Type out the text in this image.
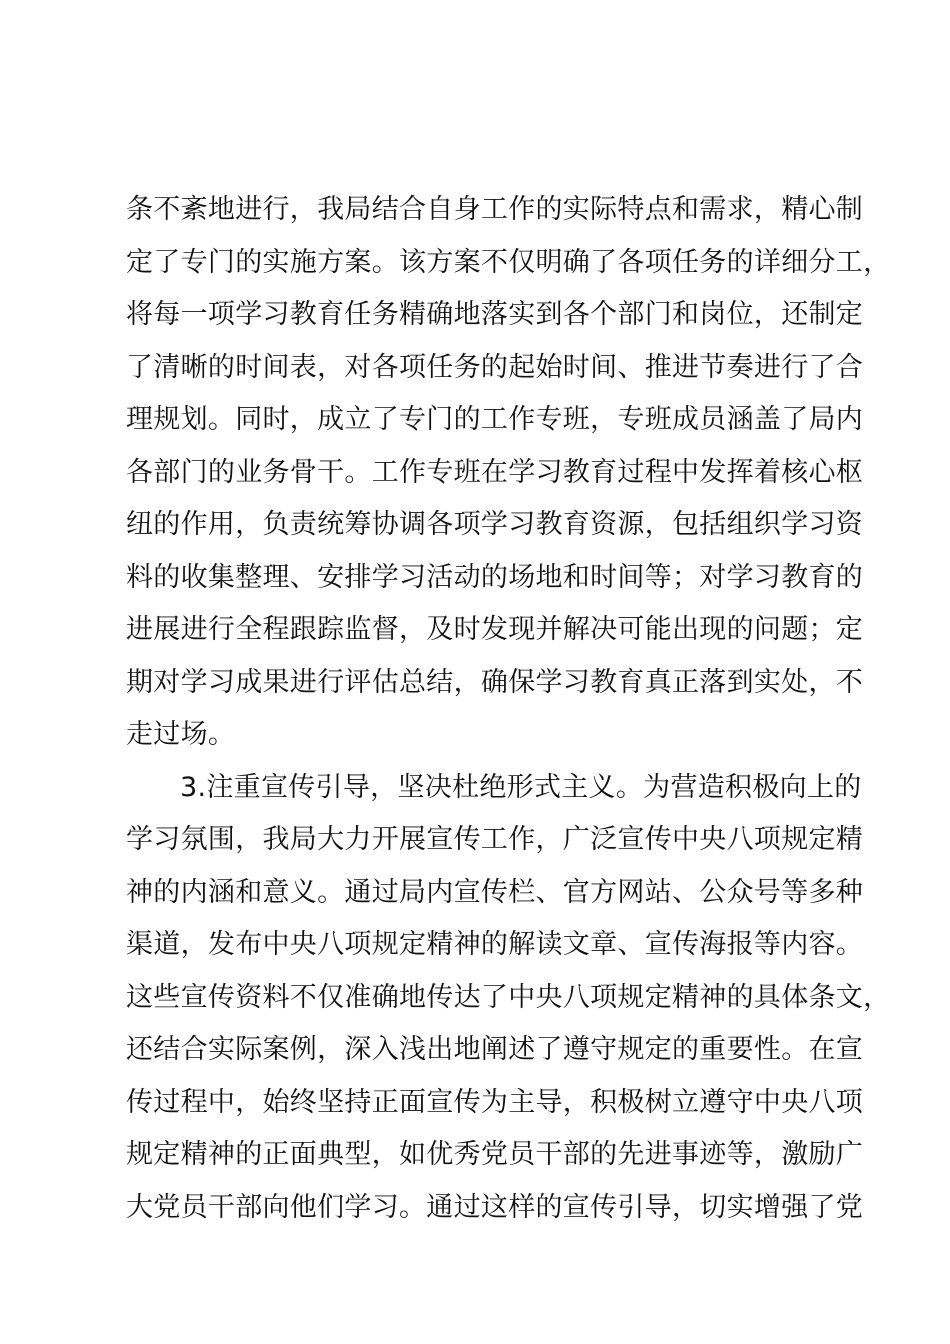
条不紊地进行，我局结合自身工作的实际特点和需求，精心制
定了专门的实施方案。该方案不仅明确了各项任务的详细分工，
将每一项学习教育任务精确地落实到各个部门和岗位，还制定
了清晰的时间表，对各项任务的起始时间、推进节奏进行了合
理规划。同时，成立了专门的工作专班，专班成员涵盖了局内
各部门的业务骨干。工作专班在学习教育过程中发挥着核心枢
纽的作用，负责统筹协调各项学习教育资源，包括组织学习资
料的收集整理、安排学习活动的场地和时间等；对学习教育的
进展进行全程跟踪监督，及时发现并解决可能出现的问题；定
期对学习成果进行评估总结，确保学习教育真正落到实处，不
走过场。
3.注重宣传引导，坚决杜绝形式主义。为营造积极向上的
学习氛围，我局大力开展宣传工作，广泛宣传中央八项规定精
神的内涵和意义。通过局内宣传栏、官方网站、公众号等多种
渠道，发布中央八项规定精神的解读文章、宣传海报等内容。
这些宣传资料不仅准确地传达了中央八项规定精神的具体条文，
还结合实际案例，深入浅出地阐述了遵守规定的重要性。在宣
传过程中，始终坚持正面宣传为主导，积极树立遵守中央八项
规定精神的正面典型，如优秀党员干部的先进事迹等，激励广
大党员干部向他们学习。通过这样的宣传引导，切实增强了党
